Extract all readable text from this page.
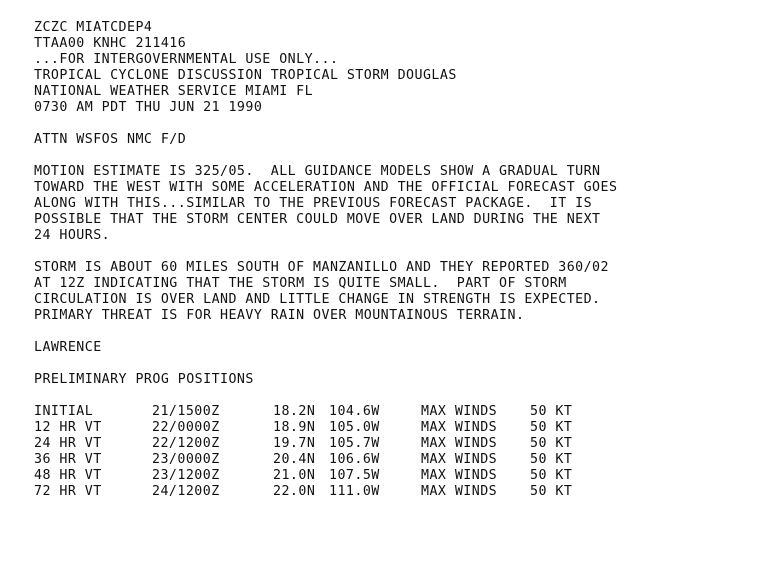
ZCZC MIATCDEP4
TTAA00 KNHC 211416
...FOR INTERGOVERNMENTAL USE ONLY...
TROPICAL CYCLONE DISCUSSION TROPICAL STORM DOUGLAS
NATIONAL WEATHER SERVICE MIAMI FL
0730 AM PDT THU JUN 21 1990
ATTN WSFOS NMC F/D
MOTION ESTIMATE IS 325/05.  ALL GUIDANCE MODELS SHOW A GRADUAL TURN
TOWARD THE WEST WITH SOME ACCELERATION AND THE OFFICIAL FORECAST GOES
ALONG WITH THIS...SIMILAR TO THE PREVIOUS FORECAST PACKAGE.  IT IS
POSSIBLE THAT THE STORM CENTER COULD MOVE OVER LAND DURING THE NEXT
24 HOURS.
STORM IS ABOUT 60 MILES SOUTH OF MANZANILLO AND THEY REPORTED 360/02
AT 12Z INDICATING THAT THE STORM IS QUITE SMALL.  PART OF STORM
CIRCULATION IS OVER LAND AND LITTLE CHANGE IN STRENGTH IS EXPECTED.
PRIMARY THREAT IS FOR HEAVY RAIN OVER MOUNTAINOUS TERRAIN.
LAWRENCE
PRELIMINARY PROG POSITIONS
INITIAL	21/1500Z	18.2N	104.6W	MAX WINDS	50 KT
12 HR VT	22/0000Z	18.9N	105.0W	MAX WINDS	50 KT
24 HR VT	22/1200Z	19.7N	105.7W	MAX WINDS	50 KT
36 HR VT	23/0000Z	20.4N	106.6W	MAX WINDS	50 KT
48 HR VT	23/1200Z	21.0N	107.5W	MAX WINDS	50 KT
72 HR VT	24/1200Z	22.0N	111.0W	MAX WINDS	50 KT
